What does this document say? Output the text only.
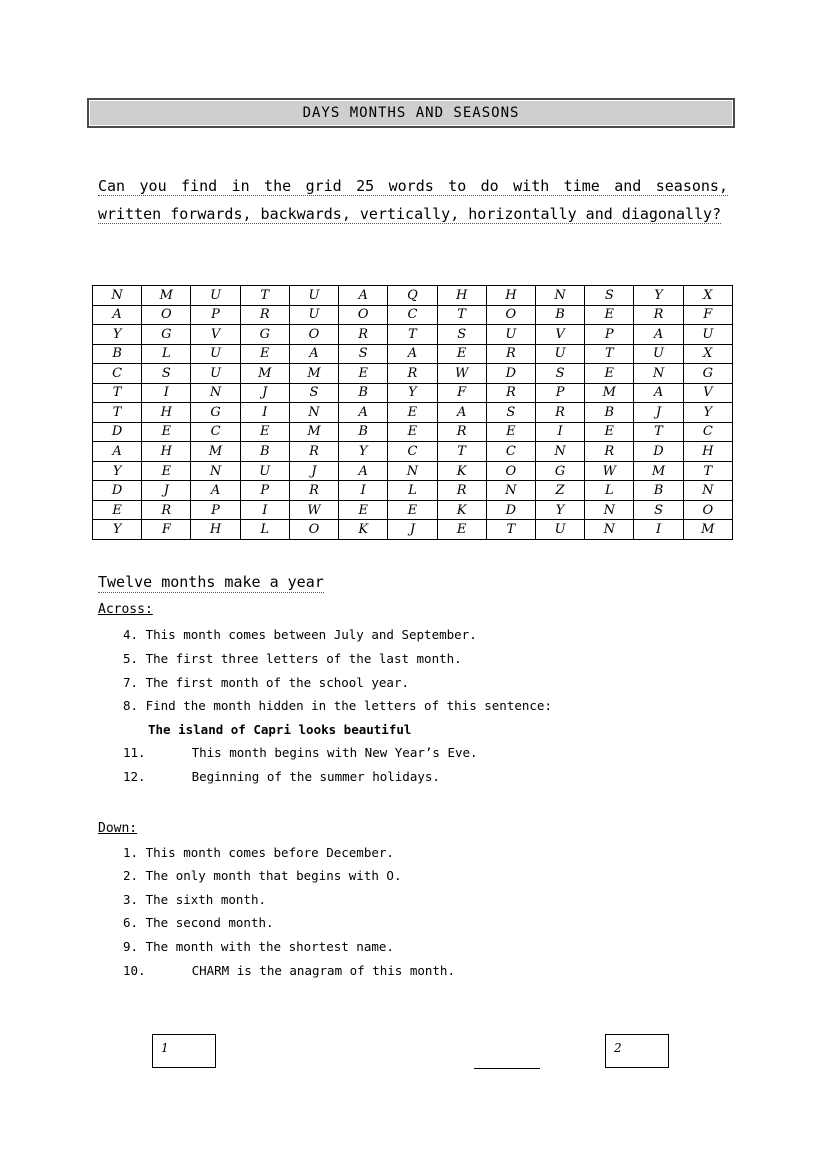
DAYS MONTHS AND SEASONS
Can you find in the grid 25 words to do with time and seasons, written forwards, backwards, vertically, horizontally and diagonally?
N	M	U	T	U	A	Q	H	H	N	S	Y	X
A	O	P	R	U	O	C	T	O	B	E	R	F
Y	G	V	G	O	R	T	S	U	V	P	A	U
B	L	U	E	A	S	A	E	R	U	T	U	X
C	S	U	M	M	E	R	W	D	S	E	N	G
T	I	N	J	S	B	Y	F	R	P	M	A	V
T	H	G	I	N	A	E	A	S	R	B	J	Y
D	E	C	E	M	B	E	R	E	I	E	T	C
A	H	M	B	R	Y	C	T	C	N	R	D	H
Y	E	N	U	J	A	N	K	O	G	W	M	T
D	J	A	P	R	I	L	R	N	Z	L	B	N
E	R	P	I	W	E	E	K	D	Y	N	S	O
Y	F	H	L	O	K	J	E	T	U	N	I	M
Twelve months make a year
Across:
4. This month comes between July and September.
5. The first three letters of the last month.
7. The first month of the school year.
8. Find the month hidden in the letters of this sentence:
The island of Capri looks beautiful
11.	This month begins with New Year’s Eve.
12.	Beginning of the summer holidays.
Down:
1. This month comes before December.
2. The only month that begins with O.
3. The sixth month.
6. The second month.
9. The month with the shortest name.
10.	CHARM is the anagram of this month.
1	2
